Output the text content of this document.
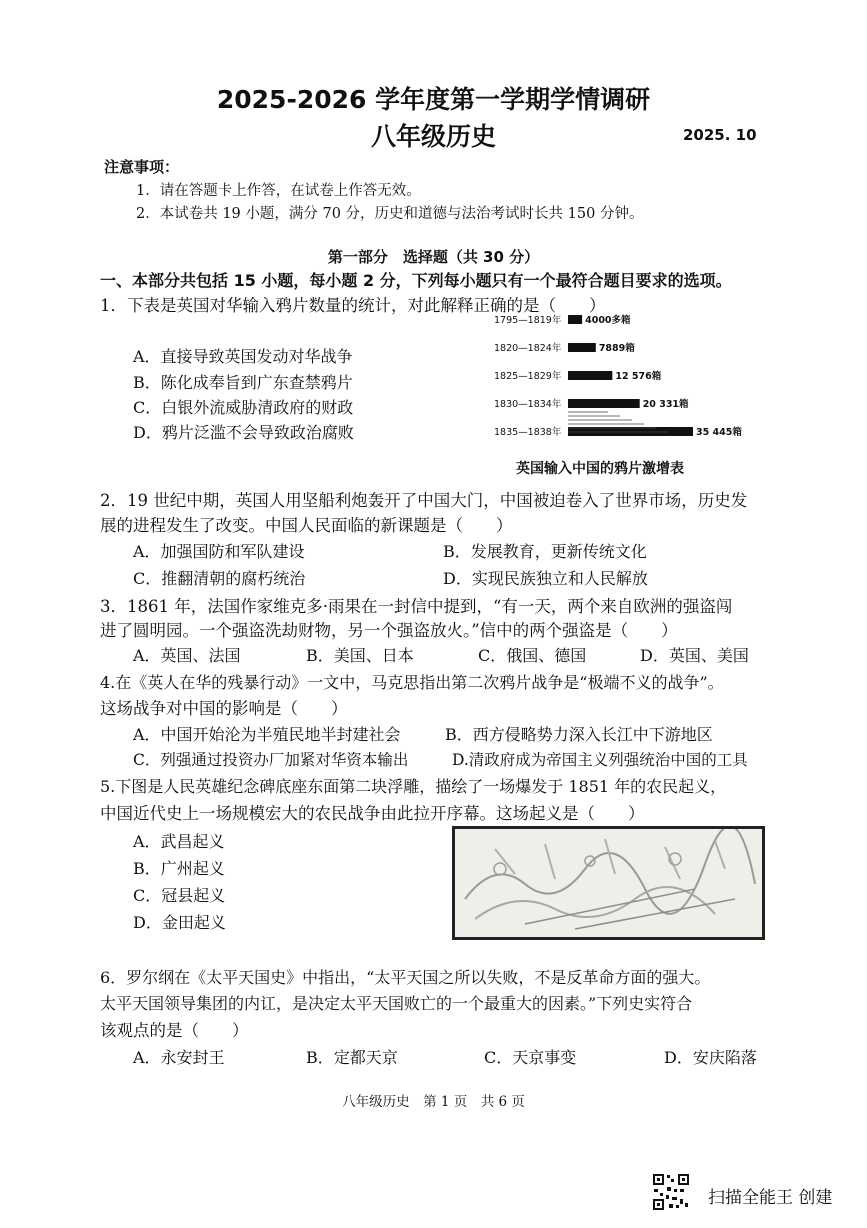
2025-2026 学年度第一学期学情调研
八年级历史	2025. 10
注意事项：
1．请在答题卡上作答，在试卷上作答无效。
2．本试卷共 19 小题，满分 70 分，历史和道德与法治考试时长共 150 分钟。
第一部分　选择题（共 30 分）
一、本部分共包括 15 小题，每小题 2 分，下列每小题只有一个最符合题目要求的选项。
1．下表是英国对华输入鸦片数量的统计，对此解释正确的是（　　）
A．直接导致英国发动对华战争
B．陈化成奉旨到广东查禁鸦片
C．白银外流威胁清政府的财政
D．鸦片泛滥不会导致政治腐败
1795—1819年 4000多箱
1820—1824年	7889箱
1825—1829年	12 576箱
1830—1834年	20 331箱
1835—1838年	35 445箱
英国输入中国的鸦片激增表
2．19 世纪中期，英国人用坚船利炮轰开了中国大门，中国被迫卷入了世界市场，历史发
展的进程发生了改变。中国人民面临的新课题是（　　）
A．加强国防和军队建设	B．发展教育，更新传统文化
C．推翻清朝的腐朽统治	D．实现民族独立和人民解放
3．1861 年，法国作家维克多·雨果在一封信中提到，“有一天，两个来自欧洲的强盗闯
进了圆明园。一个强盗洗劫财物，另一个强盗放火。”信中的两个强盗是（　　）
A．英国、法国	B．美国、日本	C．俄国、德国	D．英国、美国
4.在《英人在华的残暴行动》一文中，马克思指出第二次鸦片战争是“极端不义的战争”。
这场战争对中国的影响是（　　）
A．中国开始沦为半殖民地半封建社会	B．西方侵略势力深入长江中下游地区
C．列强通过投资办厂加紧对华资本输出	D.清政府成为帝国主义列强统治中国的工具
5.下图是人民英雄纪念碑底座东面第二块浮雕，描绘了一场爆发于 1851 年的农民起义，
中国近代史上一场规模宏大的农民战争由此拉开序幕。这场起义是（　　）
A．武昌起义
B．广州起义
C．冠县起义
D．金田起义
6．罗尔纲在《太平天国史》中指出，“太平天国之所以失败，不是反革命方面的强大。
太平天国领导集团的内讧，是决定太平天国败亡的一个最重大的因素。”下列史实符合
该观点的是（　　）
A．永安封王	B．定都天京	C．天京事变	D．安庆陷落
八年级历史　第 1 页　共 6 页
扫描全能王 创建
